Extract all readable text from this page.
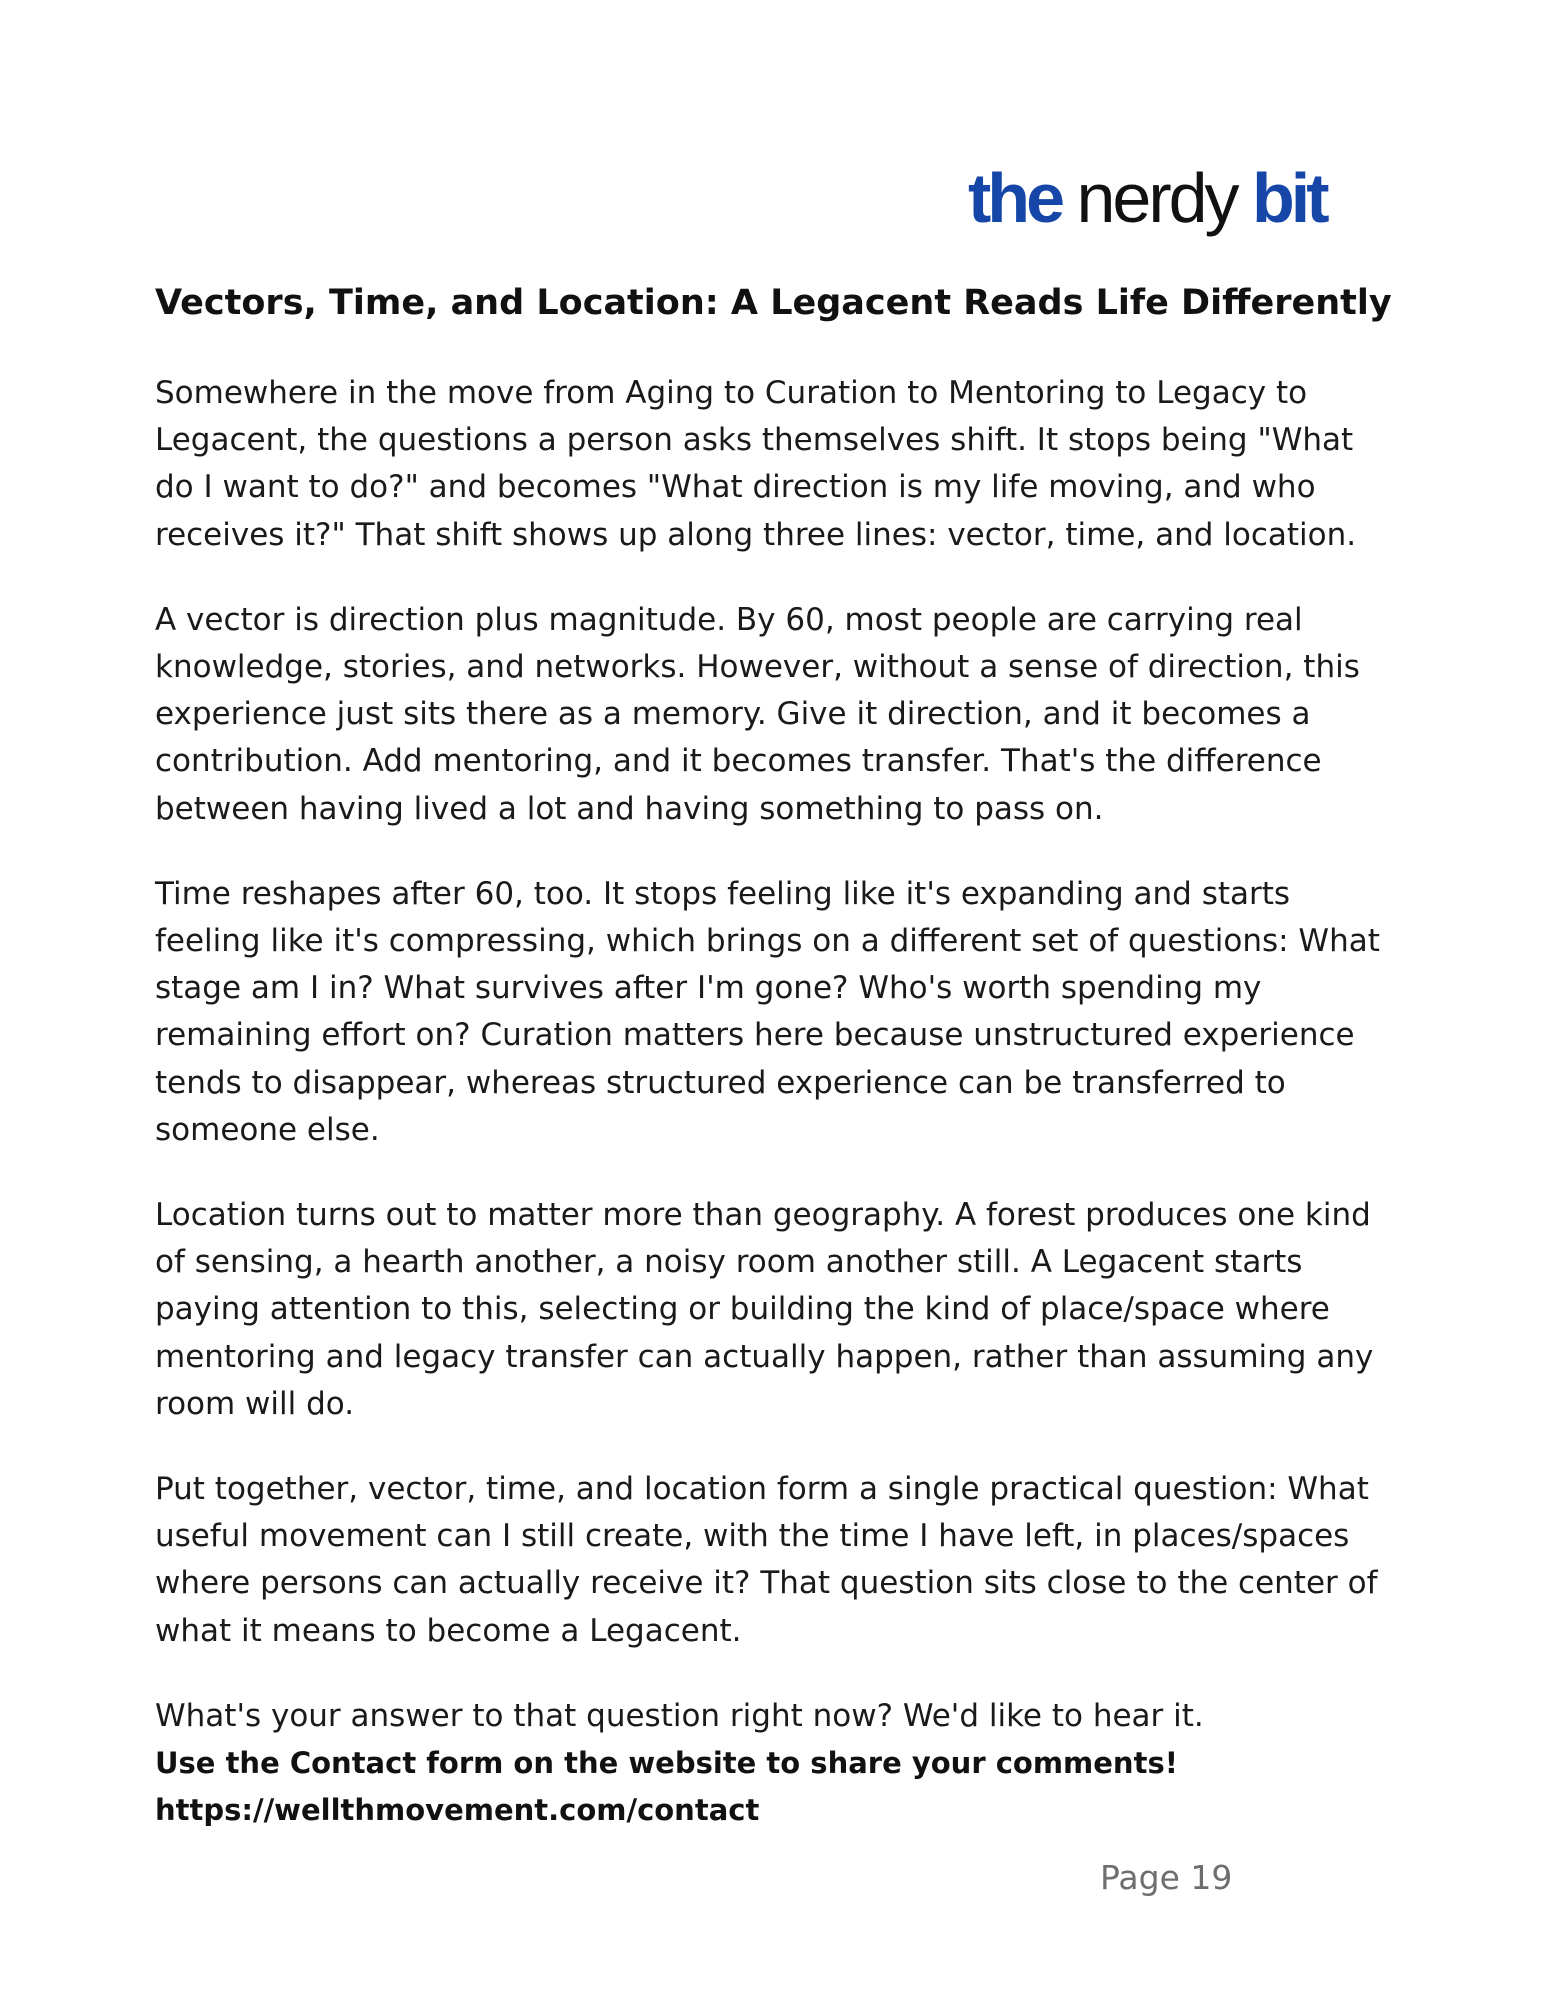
the nerdy bit
Vectors, Time, and Location: A Legacent Reads Life Differently

Somewhere in the move from Aging to Curation to Mentoring to Legacy to Legacent, the questions a person asks themselves shift. It stops being "What do I want to do?" and becomes "What direction is my life moving, and who receives it?" That shift shows up along three lines: vector, time, and location.

A vector is direction plus magnitude. By 60, most people are carrying real knowledge, stories, and networks. However, without a sense of direction, this experience just sits there as a memory. Give it direction, and it becomes a contribution. Add mentoring, and it becomes transfer. That's the difference between having lived a lot and having something to pass on.

Time reshapes after 60, too. It stops feeling like it's expanding and starts feeling like it's compressing, which brings on a different set of questions: What stage am I in? What survives after I'm gone? Who's worth spending my remaining effort on? Curation matters here because unstructured experience tends to disappear, whereas structured experience can be transferred to someone else.

Location turns out to matter more than geography. A forest produces one kind of sensing, a hearth another, a noisy room another still. A Legacent starts paying attention to this, selecting or building the kind of place/space where mentoring and legacy transfer can actually happen, rather than assuming any room will do.

Put together, vector, time, and location form a single practical question: What useful movement can I still create, with the time I have left, in places/spaces where persons can actually receive it? That question sits close to the center of what it means to become a Legacent.

What's your answer to that question right now? We'd like to hear it.
Use the Contact form on the website to share your comments!
https://wellthmovement.com/contact
Page 19
